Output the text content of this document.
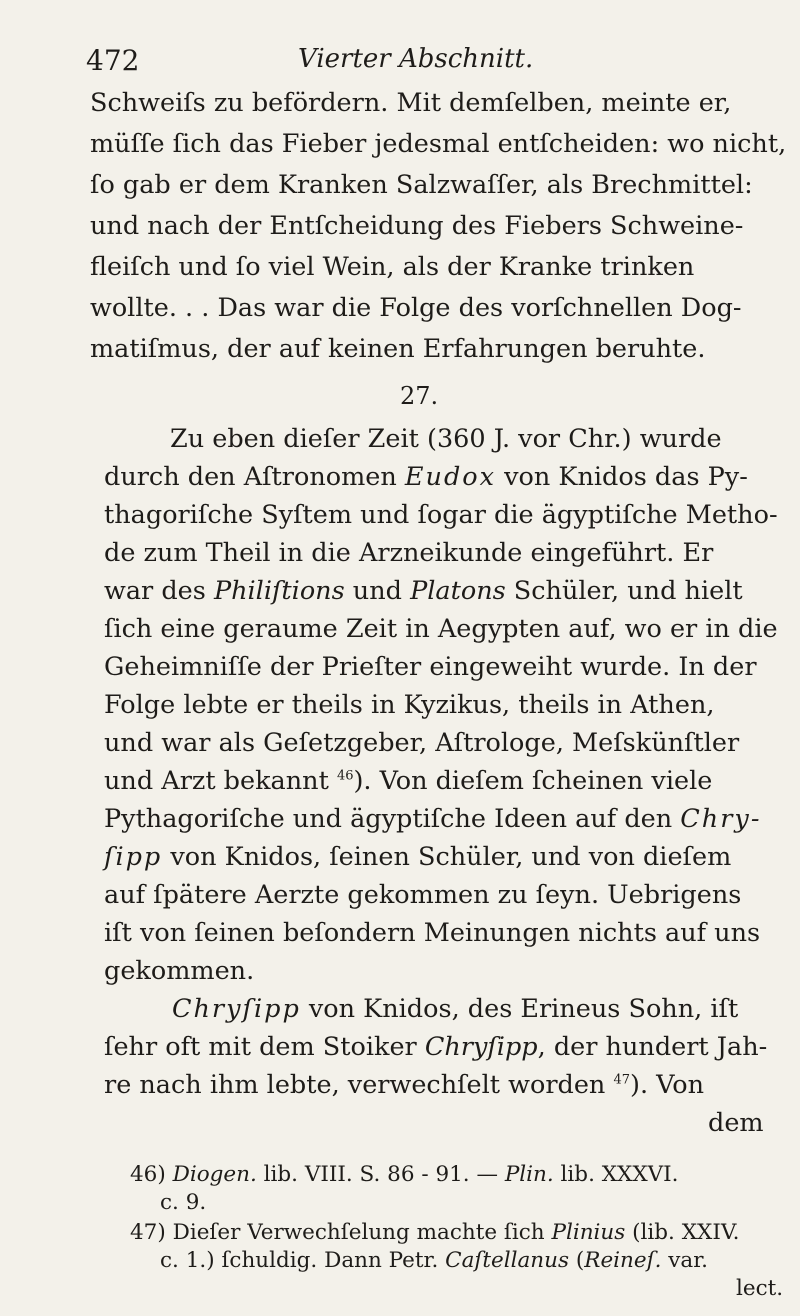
472	Vierter Abschnitt.
Schweiſs zu befördern. Mit demſelben, meinte er,
müſſe ſich das Fieber jedesmal entſcheiden: wo nicht,
ſo gab er dem Kranken Salzwaſſer, als Brechmittel:
und nach der Entſcheidung des Fiebers Schweine-
fleiſch und ſo viel Wein, als der Kranke trinken
wollte. . . Das war die Folge des vorſchnellen Dog-
matiſmus, der auf keinen Erfahrungen beruhte.
27.
Zu eben dieſer Zeit (360 J. vor Chr.) wurde
durch den Aſtronomen Eudox von Knidos das Py-
thagoriſche Syſtem und ſogar die ägyptiſche Metho-
de zum Theil in die Arzneikunde eingeführt. Er
war des Philiſtions und Platons Schüler, und hielt
ſich eine geraume Zeit in Aegypten auf, wo er in die
Geheimniſſe der Prieſter eingeweiht wurde. In der
Folge lebte er theils in Kyzikus, theils in Athen,
und war als Geſetzgeber, Aſtrologe, Meſskünſtler
und Arzt bekannt $^{46}$). Von dieſem ſcheinen viele
Pythagoriſche und ägyptiſche Ideen auf den Chry-
ſipp von Knidos, ſeinen Schüler, und von dieſem
auf ſpätere Aerzte gekommen zu ſeyn. Uebrigens
iſt von ſeinen beſondern Meinungen nichts auf uns
gekommen.
Chryſipp von Knidos, des Erineus Sohn, iſt
ſehr oft mit dem Stoiker Chryſipp, der hundert Jah-
re nach ihm lebte, verwechſelt worden $^{47}$). Von
dem
46) Diogen. lib. VIII. S. 86 - 91. — Plin. lib. XXXVI.
c. 9.
47) Dieſer Verwechſelung machte ſich Plinius (lib. XXIV.
c. 1.) ſchuldig. Dann Petr. Caſtellanus (Reineſ. var.
lect.
